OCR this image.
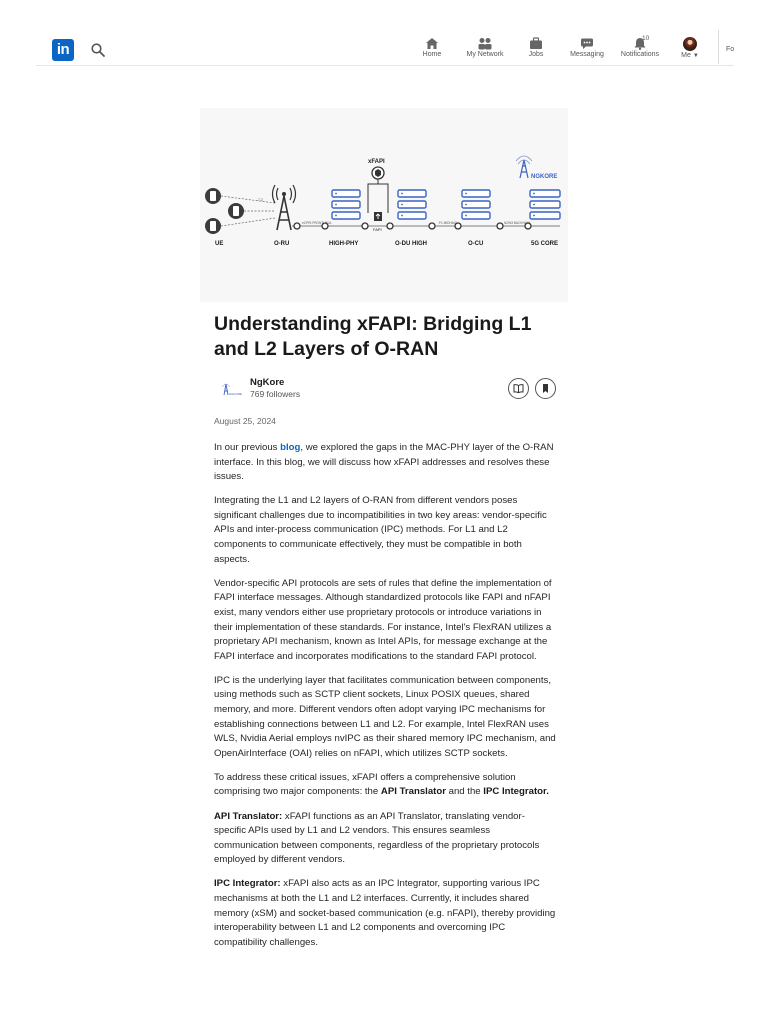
in	Home	My Network	Jobs	Messaging
10
Notifications	Me ▼
Fo
7.2
eCPRI FRONTHAUL	F1 MIDHAUL	N2/N3 BACKHAUL
xFAPI
FAPI
NGKORE
UE	O-RU	HIGH-PHY	O-DU HIGH	O-CU	5G CORE
Understanding xFAPI: Bridging L1 and L2 Layers of O-RAN
NGKORE
NgKore
769 followers
August 25, 2024

In our previous blog, we explored the gaps in the MAC-PHY layer of the O-RAN interface. In this blog, we will discuss how xFAPI addresses and resolves these issues.

Integrating the L1 and L2 layers of O-RAN from different vendors poses significant challenges due to incompatibilities in two key areas: vendor-specific APIs and inter-process communication (IPC) methods. For L1 and L2 components to communicate effectively, they must be compatible in both aspects.

Vendor-specific API protocols are sets of rules that define the implementation of FAPI interface messages. Although standardized protocols like FAPI and nFAPI exist, many vendors either use proprietary protocols or introduce variations in their implementation of these standards. For instance, Intel's FlexRAN utilizes a proprietary API mechanism, known as Intel APIs, for message exchange at the FAPI interface and incorporates modifications to the standard FAPI protocol.

IPC is the underlying layer that facilitates communication between components, using methods such as SCTP client sockets, Linux POSIX queues, shared memory, and more. Different vendors often adopt varying IPC mechanisms for establishing connections between L1 and L2. For example, Intel FlexRAN uses WLS, Nvidia Aerial employs nvIPC as their shared memory IPC mechanism, and OpenAirInterface (OAI) relies on nFAPI, which utilizes SCTP sockets.

To address these critical issues, xFAPI offers a comprehensive solution comprising two major components: the API Translator and the IPC Integrator.

API Translator: xFAPI functions as an API Translator, translating vendor-specific APIs used by L1 and L2 vendors. This ensures seamless communication between components, regardless of the proprietary protocols employed by different vendors.

IPC Integrator: xFAPI also acts as an IPC Integrator, supporting various IPC mechanisms at both the L1 and L2 interfaces. Currently, it includes shared memory (xSM) and socket-based communication (e.g. nFAPI), thereby providing interoperability between L1 and L2 components and overcoming IPC compatibility challenges.
